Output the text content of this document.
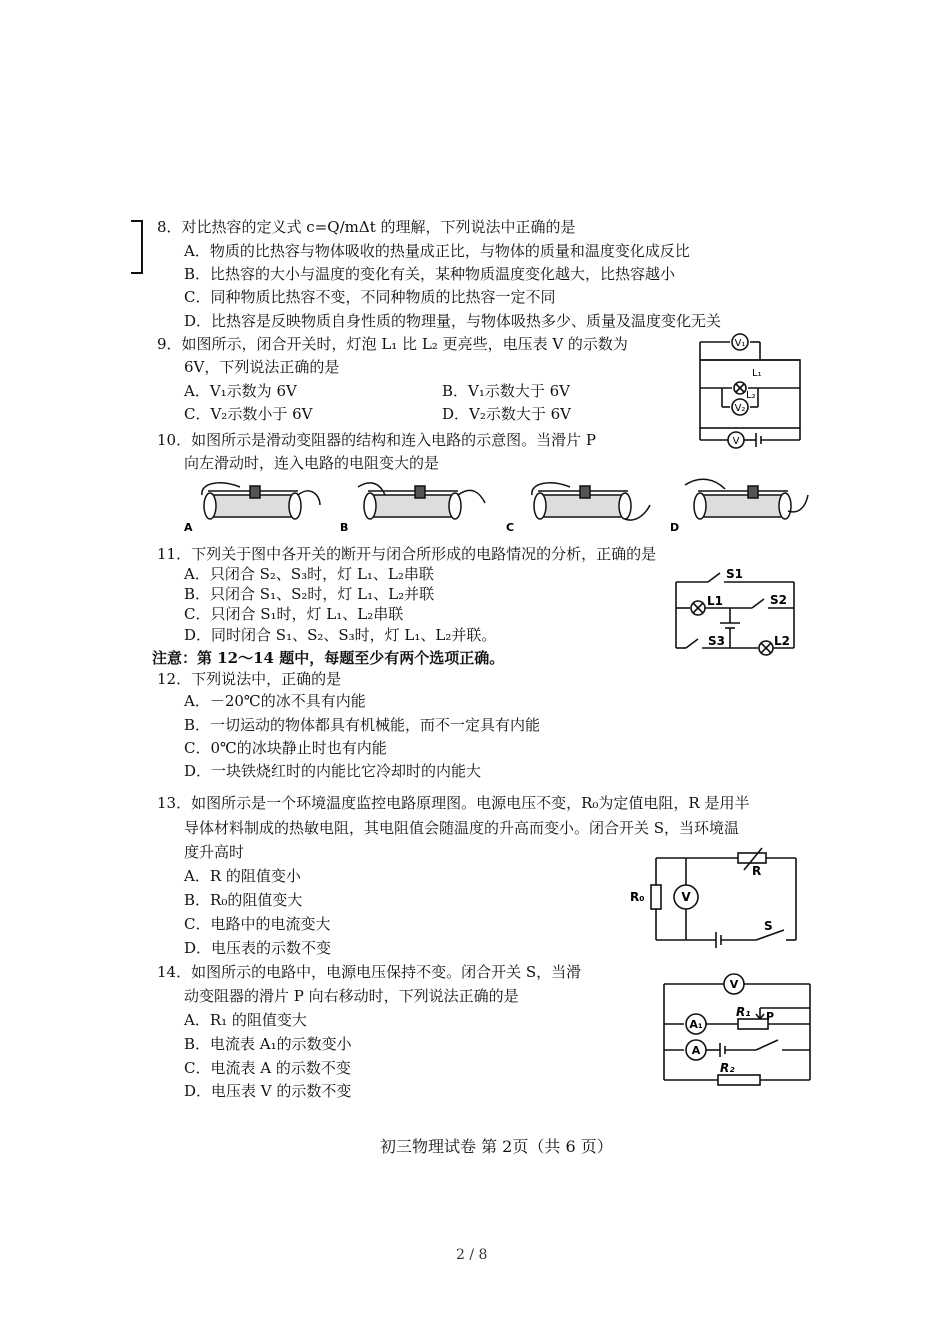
8．对比热容的定义式 c=Q/mΔt 的理解，下列说法中正确的是
A．物质的比热容与物体吸收的热量成正比，与物体的质量和温度变化成反比
B．比热容的大小与温度的变化有关，某种物质温度变化越大，比热容越小
C．同种物质比热容不变，不同种物质的比热容一定不同
D．比热容是反映物质自身性质的物理量，与物体吸热多少、质量及温度变化无关
9．如图所示，闭合开关时，灯泡 L₁ 比 L₂ 更亮些，电压表 V 的示数为
6V，下列说法正确的是
A．V₁示数为 6V	B．V₁示数大于 6V
C．V₂示数小于 6V	D．V₂示数大于 6V
V₁
L₁
L₂
V₂
V
10．如图所示是滑动变阻器的结构和连入电路的示意图。当滑片 P
向左滑动时，连入电路的电阻变大的是
A	B	C	D
11．下列关于图中各开关的断开与闭合所形成的电路情况的分析，正确的是
A．只闭合 S₂、S₃时，灯 L₁、L₂串联
B．只闭合 S₁、S₂时，灯 L₁、L₂并联
C．只闭合 S₁时，灯 L₁、L₂串联
D．同时闭合 S₁、S₂、S₃时，灯 L₁、L₂并联。
S1
L1	S2
S3	L2
注意：第 12～14 题中，每题至少有两个选项正确。
12．下列说法中，正确的是
A．－20℃的冰不具有内能
B．一切运动的物体都具有机械能，而不一定具有内能
C．0℃的冰块静止时也有内能
D．一块铁烧红时的内能比它冷却时的内能大
13．如图所示是一个环境温度监控电路原理图。电源电压不变，R₀为定值电阻，R 是用半
导体材料制成的热敏电阻，其电阻值会随温度的升高而变小。闭合开关 S，当环境温
度升高时
A．R 的阻值变小
B．R₀的阻值变大
C．电路中的电流变大
D．电压表的示数不变
R
R₀	V
S
14．如图所示的电路中，电源电压保持不变。闭合开关 S，当滑
动变阻器的滑片 P 向右移动时，下列说法正确的是
A．R₁ 的阻值变大
B．电流表 A₁的示数变小
C．电流表 A 的示数不变
D．电压表 V 的示数不变
V
R₁ P
A₁
A
R₂
初三物理试卷 第 2页（共 6 页）
2 / 8
